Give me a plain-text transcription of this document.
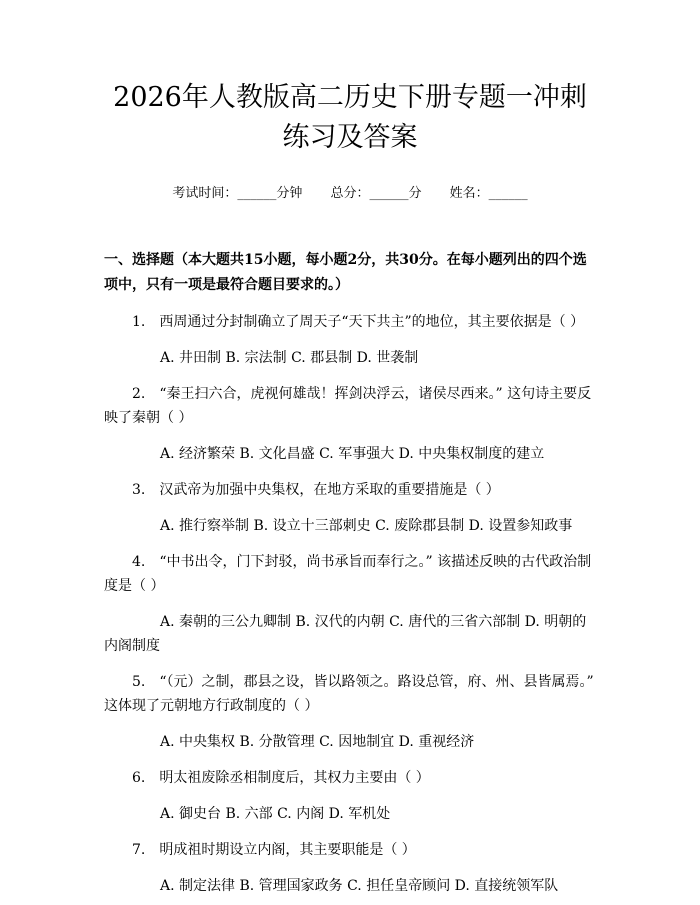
2026年人教版高二历史下册专题一冲刺练习及答案
考试时间：______分钟 总分：______分 姓名：______
一、选择题（本大题共15小题，每小题2分，共30分。在每小题列出的四个选项中，只有一项是最符合题目要求的。）

1.　西周通过分封制确立了周天子“天下共主”的地位，其主要依据是（ ）

A. 井田制 B. 宗法制 C. 郡县制 D. 世袭制

2.　“秦王扫六合，虎视何雄哉！挥剑决浮云，诸侯尽西来。” 这句诗主要反映了秦朝（ ）

A. 经济繁荣 B. 文化昌盛 C. 军事强大 D. 中央集权制度的建立

3.　汉武帝为加强中央集权，在地方采取的重要措施是（ ）

A. 推行察举制 B. 设立十三部刺史 C. 废除郡县制 D. 设置参知政事

4.　“中书出令，门下封驳，尚书承旨而奉行之。” 该描述反映的古代政治制度是（ ）

A. 秦朝的三公九卿制 B. 汉代的内朝 C. 唐代的三省六部制 D. 明朝的内阁制度

5.　“（元）之制，郡县之设，皆以路领之。路设总管，府、州、县皆属焉。” 这体现了元朝地方行政制度的（ ）

A. 中央集权 B. 分散管理 C. 因地制宜 D. 重视经济

6.　明太祖废除丞相制度后，其权力主要由（ ）

A. 御史台 B. 六部 C. 内阁 D. 军机处

7.　明成祖时期设立内阁，其主要职能是（ ）

A. 制定法律 B. 管理国家政务 C. 担任皇帝顾问 D. 直接统领军队
